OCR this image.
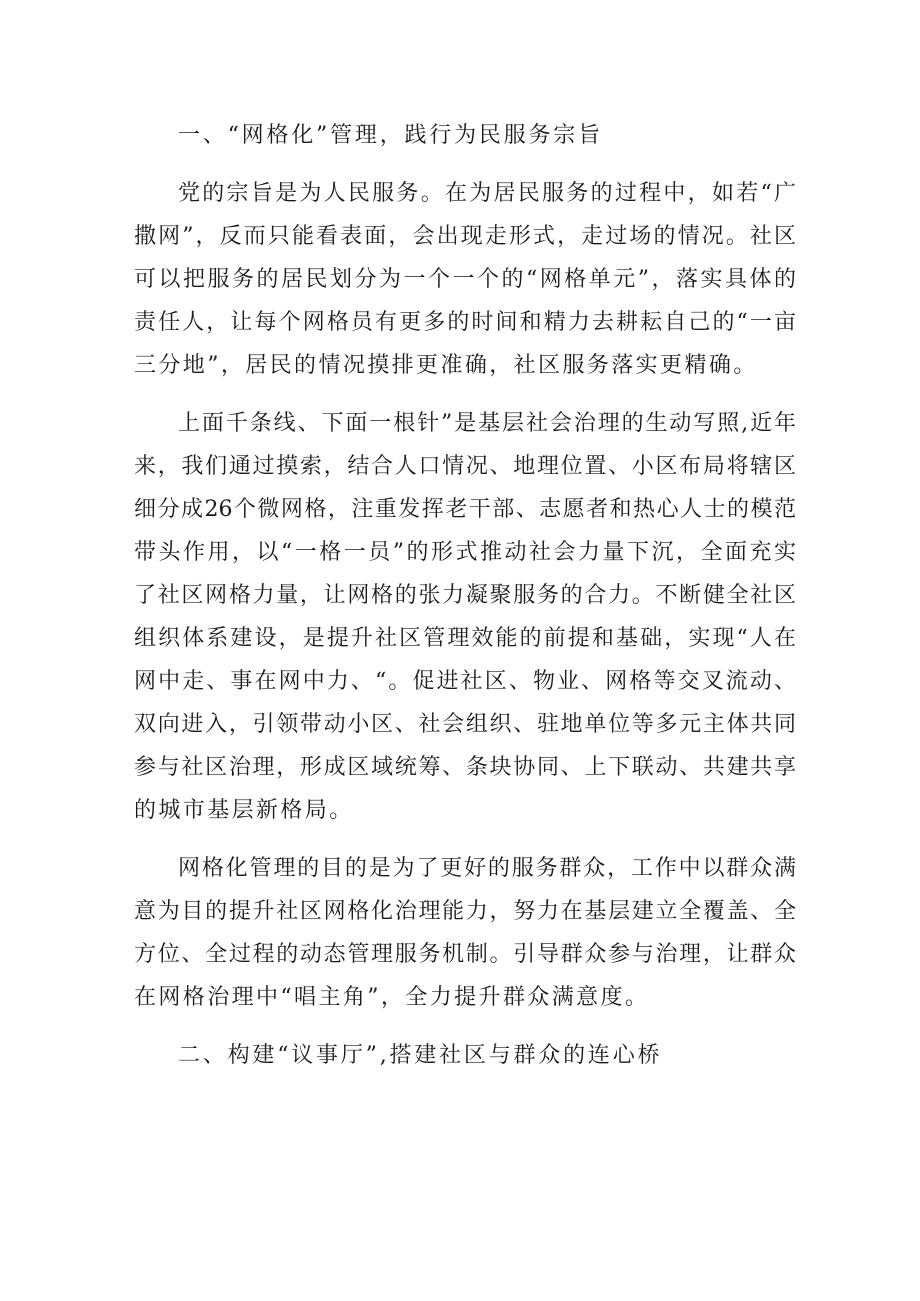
一、“网格化”管理，践行为民服务宗旨
党的宗旨是为人民服务。在为居民服务的过程中，如若“广
撒网”，反而只能看表面，会出现走形式，走过场的情况。社区
可以把服务的居民划分为一个一个的“网格单元”，落实具体的
责任人，让每个网格员有更多的时间和精力去耕耘自己的“一亩
三分地”，居民的情况摸排更准确，社区服务落实更精确。
上面千条线、下面一根针”是基层社会治理的生动写照,近年
来，我们通过摸索，结合人口情况、地理位置、小区布局将辖区
细分成26个微网格，注重发挥老干部、志愿者和热心人士的模范
带头作用，以“一格一员”的形式推动社会力量下沉，全面充实
了社区网格力量，让网格的张力凝聚服务的合力。不断健全社区
组织体系建设，是提升社区管理效能的前提和基础，实现“人在
网中走、事在网中力、“。促进社区、物业、网格等交叉流动、
双向进入，引领带动小区、社会组织、驻地单位等多元主体共同
参与社区治理，形成区域统筹、条块协同、上下联动、共建共享
的城市基层新格局。
网格化管理的目的是为了更好的服务群众，工作中以群众满
意为目的提升社区网格化治理能力，努力在基层建立全覆盖、全
方位、全过程的动态管理服务机制。引导群众参与治理，让群众
在网格治理中“唱主角”，全力提升群众满意度。
二、构建“议事厅”,搭建社区与群众的连心桥
